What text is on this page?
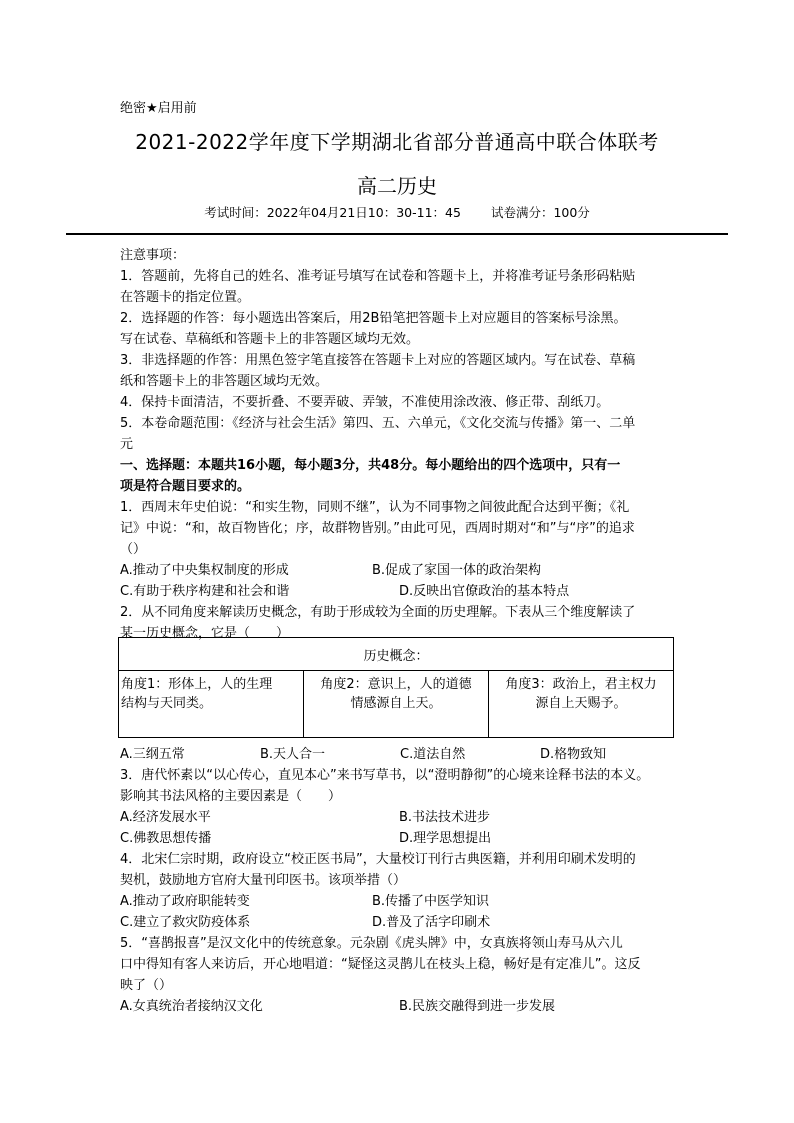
绝密★启用前
2021-2022学年度下学期湖北省部分普通高中联合体联考
高二历史
考试时间：2022年04月21日10：30-11：45 试卷满分：100分
注意事项：
1．答题前，先将自己的姓名、准考证号填写在试卷和答题卡上，并将准考证号条形码粘贴
在答题卡的指定位置。
2．选择题的作答：每小题选出答案后，用2B铅笔把答题卡上对应题目的答案标号涂黑。
写在试卷、草稿纸和答题卡上的非答题区域均无效。
3．非选择题的作答：用黑色签字笔直接答在答题卡上对应的答题区域内。写在试卷、草稿
纸和答题卡上的非答题区域均无效。
4．保持卡面清洁，不要折叠、不要弄破、弄皱，不准使用涂改液、修正带、刮纸刀。
5．本卷命题范围：《经济与社会生活》第四、五、六单元，《文化交流与传播》第一、二单
元
一、选择题：本题共16小题，每小题3分，共48分。每小题给出的四个选项中，只有一
项是符合题目要求的。
1．西周末年史伯说：“和实生物，同则不继”，认为不同事物之间彼此配合达到平衡；《礼
记》中说：“和，故百物皆化；序，故群物皆别。”由此可见，西周时期对“和”与“序”的追求
（）
A.推动了中央集权制度的形成	B.促成了家国一体的政治架构
C.有助于秩序构建和社会和谐	D.反映出官僚政治的基本特点
2．从不同角度来解读历史概念，有助于形成较为全面的历史理解。下表从三个维度解读了
某一历史概念，它是（　　）
历史概念：

角度1：形体上，人的生理
结构与天同类。

角度2：意识上，人的道德
情感源自上天。

角度3：政治上，君主权力
源自上天赐予。
A.三纲五常	B.天人合一	C.道法自然	D.格物致知
3．唐代怀素以“以心传心，直见本心”来书写草书，以“澄明静彻”的心境来诠释书法的本义。
影响其书法风格的主要因素是（　　）
A.经济发展水平	B.书法技术进步
C.佛教思想传播	D.理学思想提出
4．北宋仁宗时期，政府设立“校正医书局”，大量校订刊行古典医籍，并利用印刷术发明的
契机，鼓励地方官府大量刊印医书。该项举措（）
A.推动了政府职能转变	B.传播了中医学知识
C.建立了救灾防疫体系	D.普及了活字印刷术
5．“喜鹊报喜”是汉文化中的传统意象。元杂剧《虎头牌》中，女真族将领山寿马从六儿
口中得知有客人来访后，开心地唱道：“疑怪这灵鹊儿在枝头上稳，畅好是有定准儿”。这反
映了（）
A.女真统治者接纳汉文化	B.民族交融得到进一步发展
